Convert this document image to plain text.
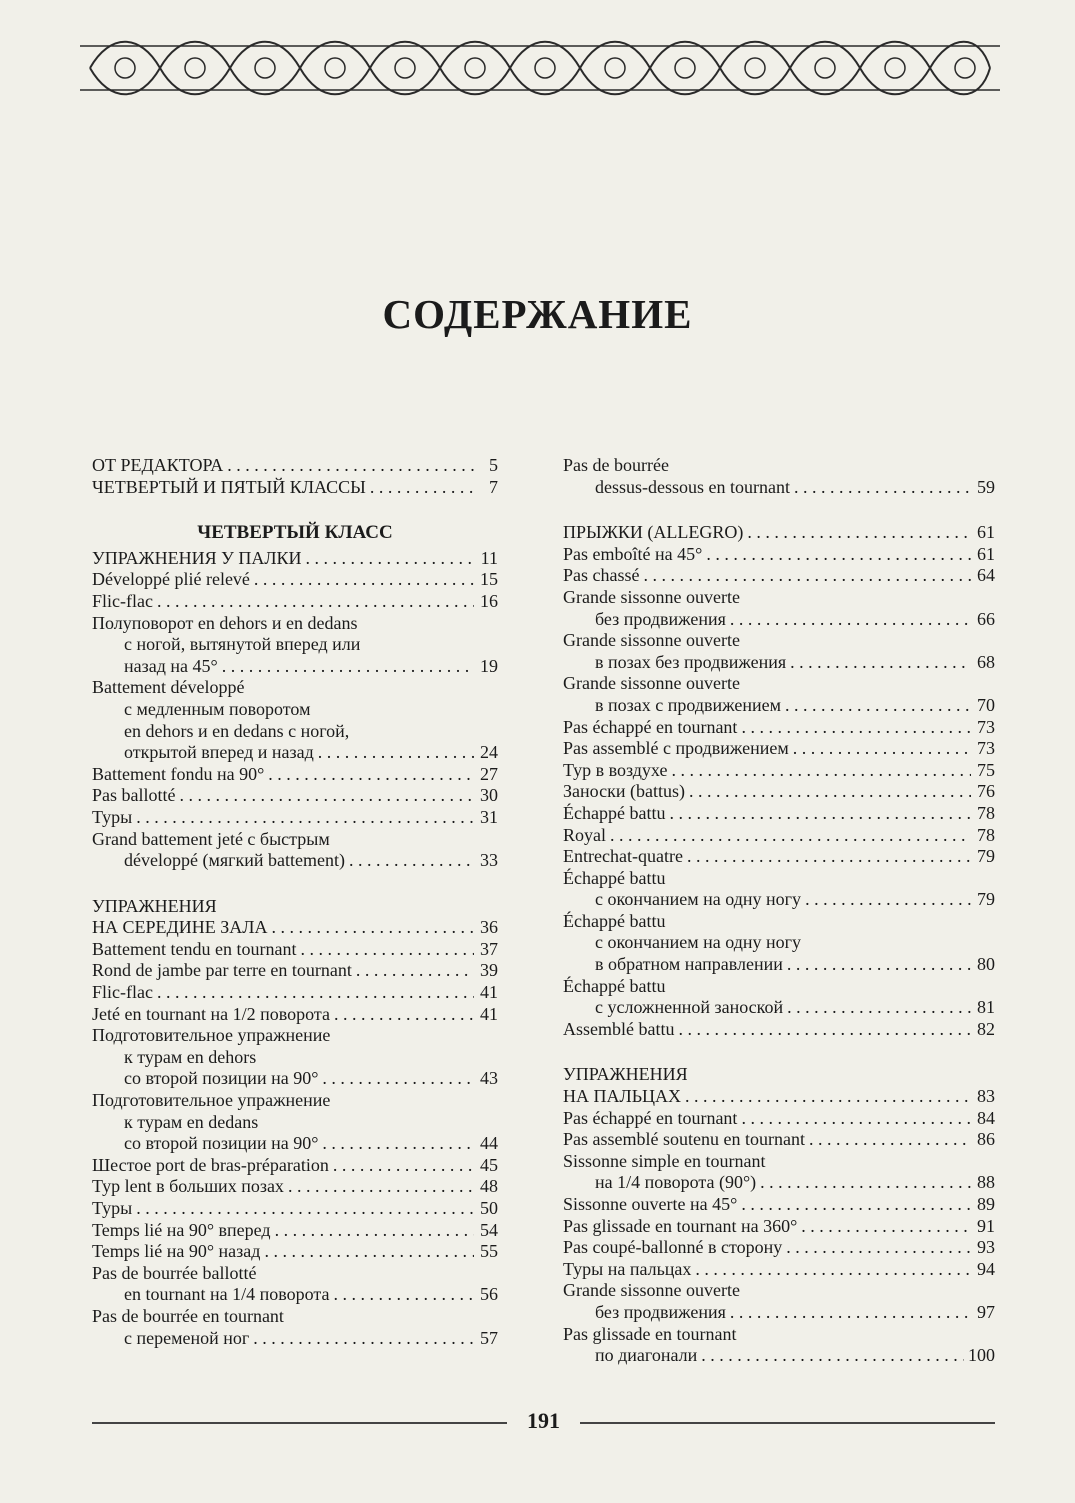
СОДЕРЖАНИЕ
ОТ РЕДАКТОРА . . .	5
ЧЕТВЕРТЫЙ И ПЯТЫЙ КЛАССЫ . . .	7
ЧЕТВЕРТЫЙ КЛАСС
УПРАЖНЕНИЯ У ПАЛКИ . . .	11
Développé plié relevé . . .	15
Flic-flac . . .	16
Полуповорот en dehors и en dedans
с ногой, вытянутой вперед или
назад на 45° . . .	19
Battement développé
с медленным поворотом
en dehors и en dedans с ногой,
открытой вперед и назад . . .	24
Battement fondu на 90° . . .	27
Pas ballotté . . .	30
Туры . . .	31
Grand battement jeté с быстрым
développé (мягкий battement) . . .	33
УПРАЖНЕНИЯ
НА СЕРЕДИНЕ ЗАЛА . . .	36
Battement tendu en tournant . . .	37
Rond de jambe par terre en tournant . . .	39
Flic-flac . . .	41
Jeté en tournant на 1/2 поворота . . .	41
Подготовительное упражнение
к турам en dehors
со второй позиции на 90° . . .	43
Подготовительное упражнение
к турам en dedans
со второй позиции на 90° . . .	44
Шестое port de bras-préparation . . .	45
Тур lent в больших позах . . .	48
Туры . . .	50
Temps lié на 90° вперед . . .	54
Temps lié на 90° назад . . .	55
Pas de bourrée ballotté
en tournant на 1/4 поворота . . .	56
Pas de bourrée en tournant
с переменой ног . . .	57
Pas de bourrée
dessus-dessous en tournant . . .	59
ПРЫЖКИ (ALLEGRO) . . .	61
Pas emboîté на 45° . . .	61
Pas chassé . . .	64
Grande sissonne ouverte
без продвижения . . .	66
Grande sissonne ouverte
в позах без продвижения . . .	68
Grande sissonne ouverte
в позах с продвижением . . .	70
Pas échappé en tournant . . .	73
Pas assemblé с продвижением . . .	73
Тур в воздухе . . .	75
Заноски (battus) . . .	76
Échappé battu . . .	78
Royal . . .	78
Entrechat-quatre . . .	79
Échappé battu
с окончанием на одну ногу . . .	79
Échappé battu
с окончанием на одну ногу
в обратном направлении . . .	80
Échappé battu
с усложненной заноской . . .	81
Assemblé battu . . .	82
УПРАЖНЕНИЯ
НА ПАЛЬЦАХ . . .	83
Pas échappé en tournant . . .	84
Pas assemblé soutenu en tournant . . .	86
Sissonne simple en tournant
на 1/4 поворота (90°) . . .	88
Sissonne ouverte на 45° . . .	89
Pas glissade en tournant на 360° . . .	91
Pas coupé-ballonné в сторону . . .	93
Туры на пальцах . . .	94
Grande sissonne ouverte
без продвижения . . .	97
Pas glissade en tournant
по диагонали . . .	100
191
